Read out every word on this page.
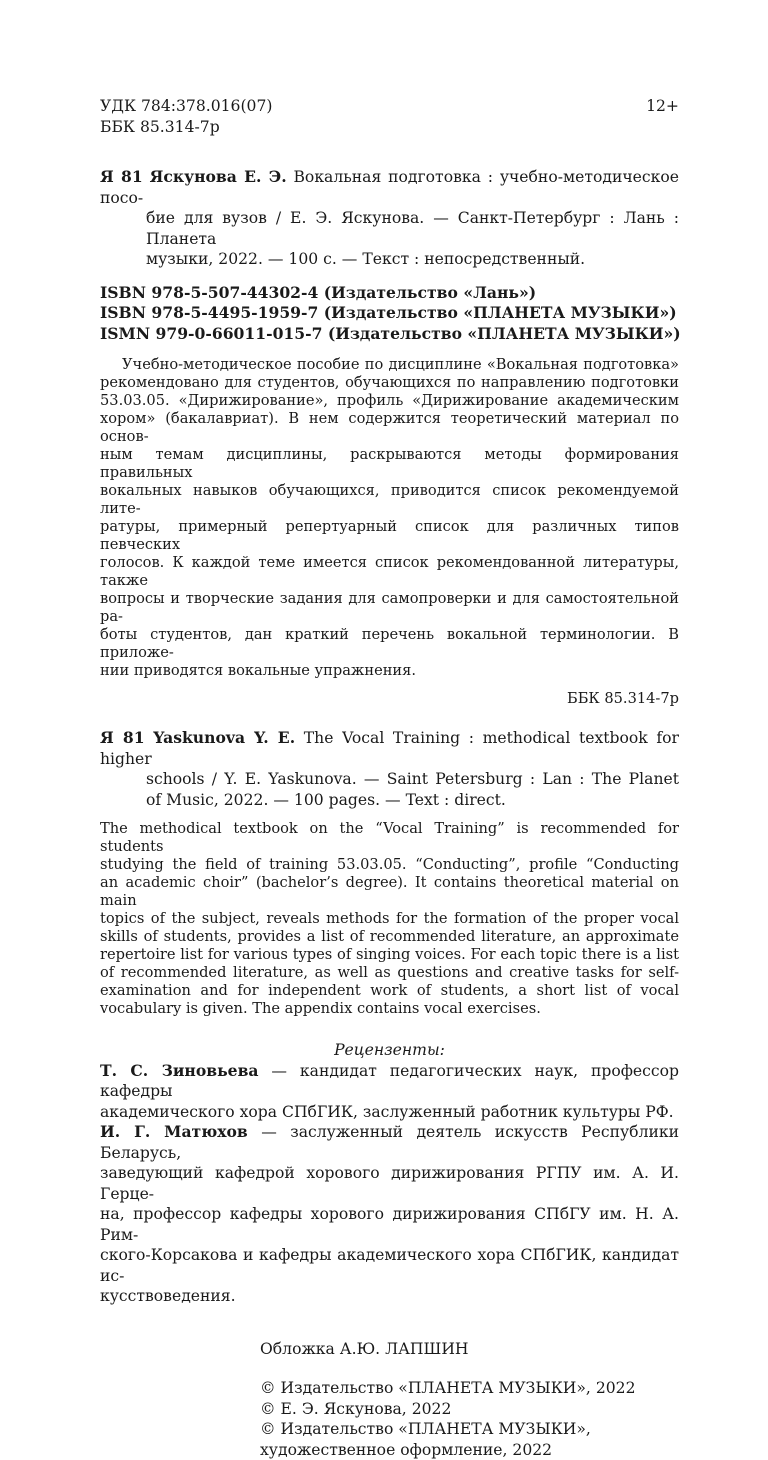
УДК 784:378.016(07)
ББК 85.314-7р
12+
Я 81 Яскунова Е. Э. Вокальная подготовка : учебно-методическое посо-
бие для вузов / Е. Э. Яскунова. — Санкт-Петербург : Лань : Планета
музыки, 2022. — 100 с. — Текст : непосредственный.
ISBN 978-5-507-44302-4 (Издательство «Лань»)
ISBN 978-5-4495-1959-7 (Издательство «ПЛАНЕТА МУЗЫКИ»)
ISMN 979-0-66011-015-7 (Издательство «ПЛАНЕТА МУЗЫКИ»)
Учебно-методическое пособие по дисциплине «Вокальная подготовка»
рекомендовано для студентов, обучающихся по направлению подготовки
53.03.05. «Дирижирование», профиль «Дирижирование академическим
хором» (бакалавриат). В нем содержится теоретический материал по основ-
ным темам дисциплины, раскрываются методы формирования правильных
вокальных навыков обучающихся, приводится список рекомендуемой лите-
ратуры, примерный репертуарный список для различных типов певческих
голосов. К каждой теме имеется список рекомендованной литературы, также
вопросы и творческие задания для самопроверки и для самостоятельной ра-
боты студентов, дан краткий перечень вокальной терминологии. В приложе-
нии приводятся вокальные упражнения.
ББК 85.314-7р
Я 81 Yaskunova Y. E. The Vocal Training : methodical textbook for higher
schools / Y. E. Yaskunova. — Saint Petersburg : Lan : The Planet
of Music, 2022. — 100 pages. — Text : direct.
The methodical textbook on the “Vocal Training” is recommended for students
studying the field of training 53.03.05. “Conducting”, profile “Conducting
an academic choir” (bachelor’s degree). It contains theoretical material on main
topics of the subject, reveals methods for the formation of the proper vocal
skills of students, provides a list of recommended literature, an approximate
repertoire list for various types of singing voices. For each topic there is a list
of recommended literature, as well as questions and creative tasks for self-
examination and for independent work of students, a short list of vocal
vocabulary is given. The appendix contains vocal exercises.
Рецензенты:
Т. С. Зиновьева — кандидат педагогических наук, профессор кафедры
академического хора СПбГИК, заслуженный работник культуры РФ.
И. Г. Матюхов — заслуженный деятель искусств Республики Беларусь,
заведующий кафедрой хорового дирижирования РГПУ им. А. И. Герце-
на, профессор кафедры хорового дирижирования СПбГУ им. Н. А. Рим-
ского-Корсакова и кафедры академического хора СПбГИК, кандидат ис-
кусствоведения.
Обложка А.Ю. ЛАПШИН
© Издательство «ПЛАНЕТА МУЗЫКИ», 2022
© Е. Э. Яскунова, 2022
© Издательство «ПЛАНЕТА МУЗЫКИ»,
художественное оформление, 2022
